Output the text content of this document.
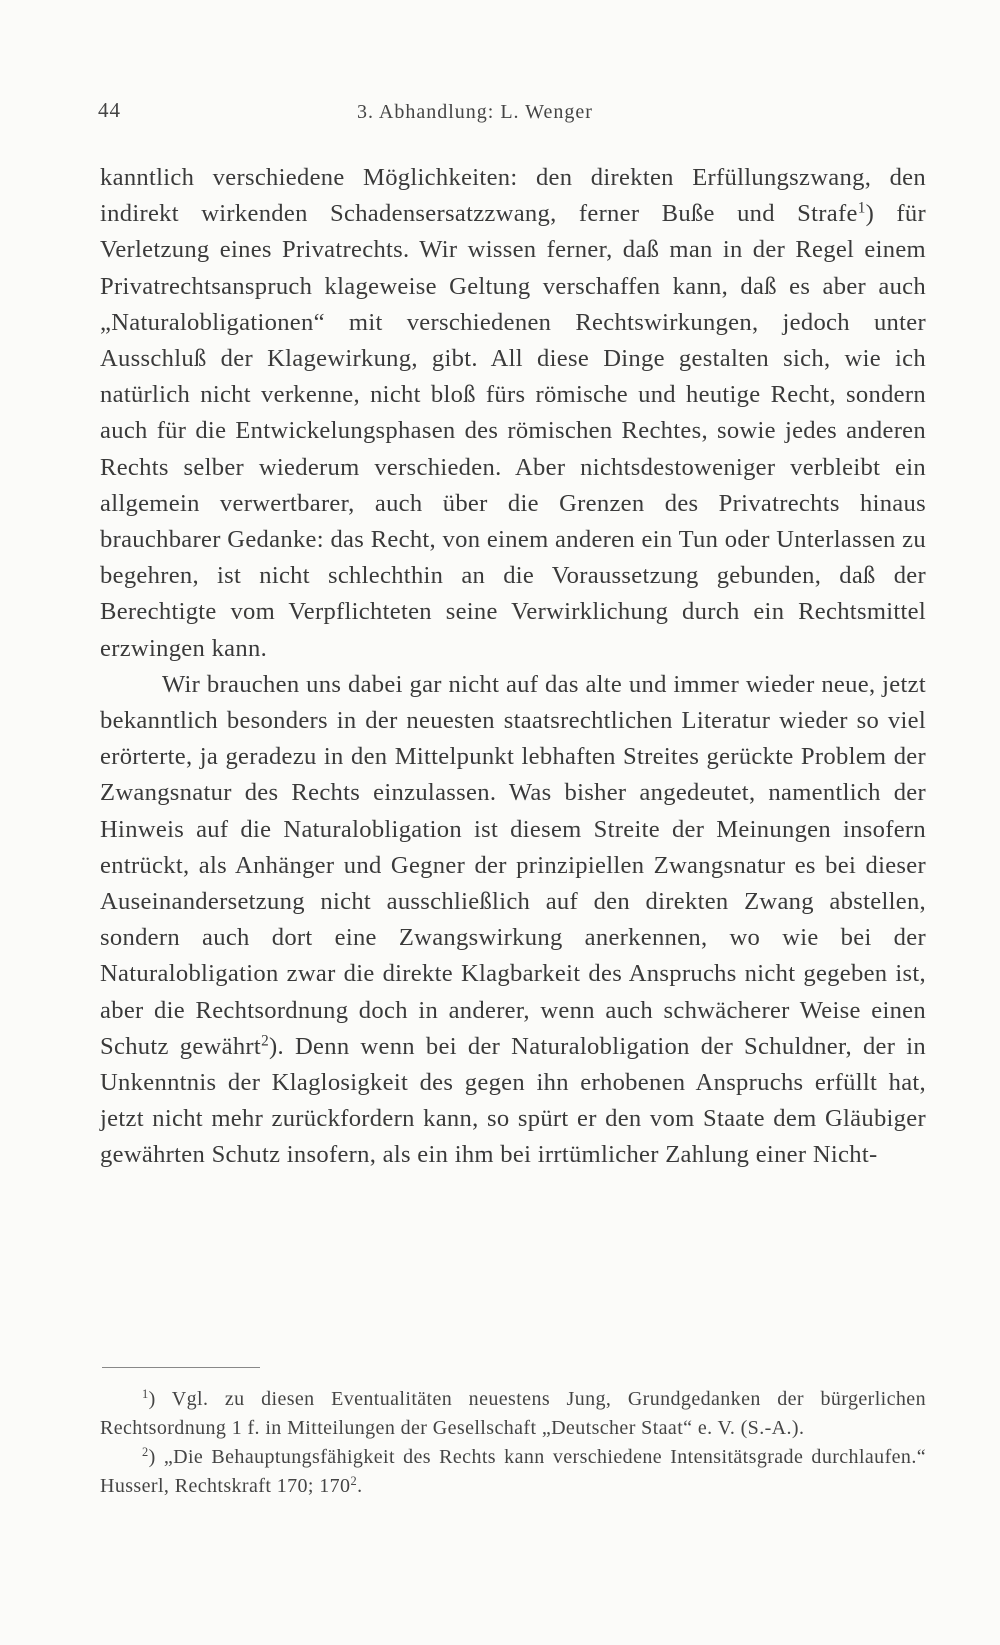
44	3. Abhandlung: L. Wenger

kanntlich verschiedene Möglichkeiten: den direkten Erfüllungszwang, den indirekt wirkenden Schadensersatzzwang, ferner Buße und Strafe$^1$) für Verletzung eines Privatrechts. Wir wissen ferner, daß man in der Regel einem Privatrechtsanspruch klageweise Geltung verschaffen kann, daß es aber auch „Naturalobligationen“ mit verschiedenen Rechtswirkungen, jedoch unter Ausschluß der Klagewirkung, gibt. All diese Dinge gestalten sich, wie ich natürlich nicht verkenne, nicht bloß fürs römische und heutige Recht, sondern auch für die Entwickelungsphasen des römischen Rechtes, sowie jedes anderen Rechts selber wiederum verschieden. Aber nichtsdestoweniger verbleibt ein allgemein verwertbarer, auch über die Grenzen des Privatrechts hinaus brauchbarer Gedanke: das Recht, von einem anderen ein Tun oder Unterlassen zu begehren, ist nicht schlechthin an die Voraussetzung gebunden, daß der Berechtigte vom Verpflichteten seine Verwirklichung durch ein Rechtsmittel erzwingen kann.

Wir brauchen uns dabei gar nicht auf das alte und immer wieder neue, jetzt bekanntlich besonders in der neuesten staatsrechtlichen Literatur wieder so viel erörterte, ja geradezu in den Mittelpunkt lebhaften Streites gerückte Problem der Zwangsnatur des Rechts einzulassen. Was bisher angedeutet, namentlich der Hinweis auf die Naturalobligation ist diesem Streite der Meinungen insofern entrückt, als Anhänger und Gegner der prinzipiellen Zwangsnatur es bei dieser Auseinandersetzung nicht ausschließlich auf den direkten Zwang abstellen, sondern auch dort eine Zwangswirkung anerkennen, wo wie bei der Naturalobligation zwar die direkte Klagbarkeit des Anspruchs nicht gegeben ist, aber die Rechtsordnung doch in anderer, wenn auch schwächerer Weise einen Schutz gewährt$^2$). Denn wenn bei der Naturalobligation der Schuldner, der in Unkenntnis der Klaglosigkeit des gegen ihn erhobenen Anspruchs erfüllt hat, jetzt nicht mehr zurückfordern kann, so spürt er den vom Staate dem Gläubiger gewährten Schutz insofern, als ein ihm bei irrtümlicher Zahlung einer Nicht-

$^1$) Vgl. zu diesen Eventualitäten neuestens Jung, Grundgedanken der bürgerlichen Rechtsordnung 1 f. in Mitteilungen der Gesellschaft „Deutscher Staat“ e. V. (S.-A.).

$^2$) „Die Behauptungsfähigkeit des Rechts kann verschiedene Intensitätsgrade durchlaufen.“ Husserl, Rechtskraft 170; $170^2$.
